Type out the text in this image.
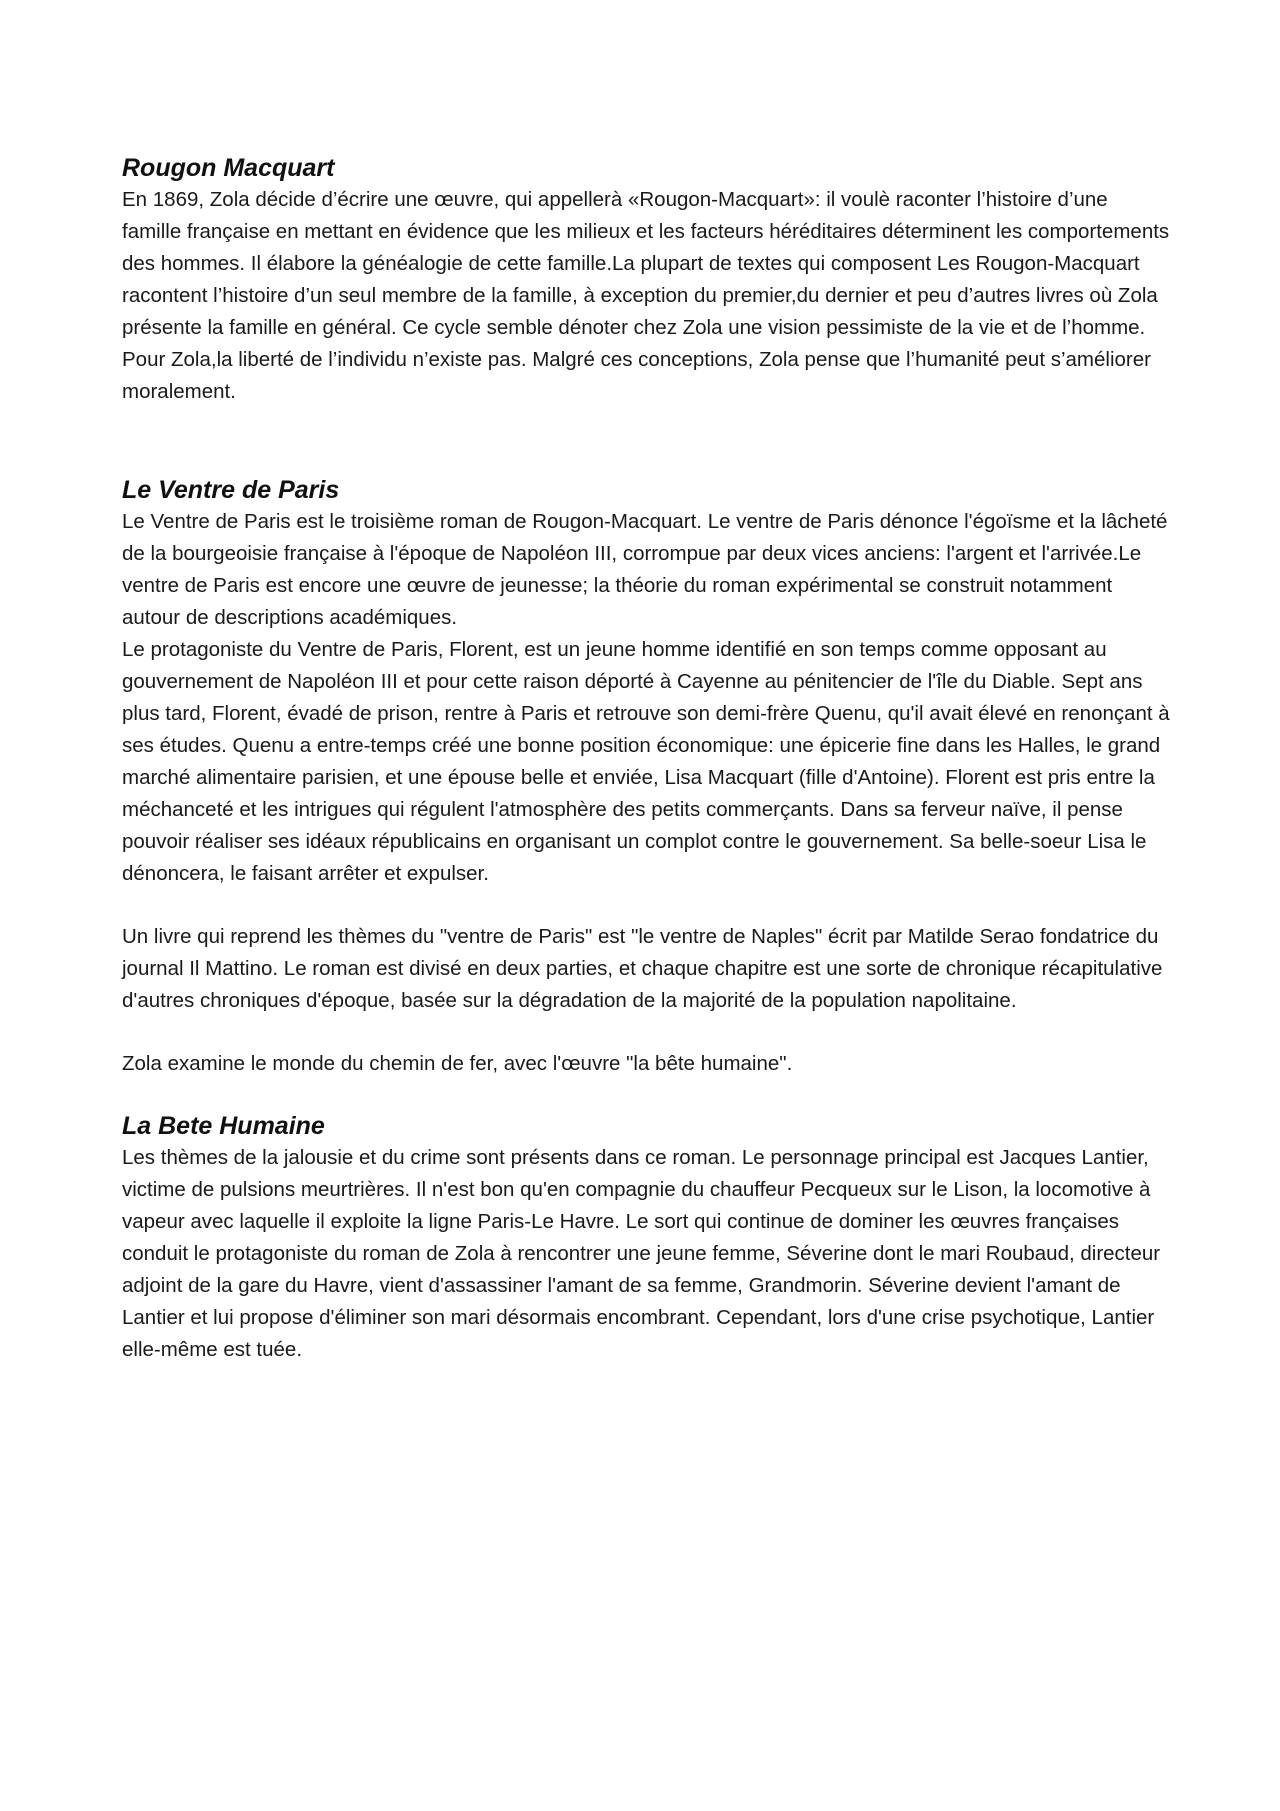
Rougon Macquart

En 1869, Zola décide d’écrire une œuvre, qui appellerà «Rougon-Macquart»: il voulè raconter l’histoire d’une famille française en mettant en évidence que les milieux et les facteurs héréditaires déterminent les comportements des hommes. Il élabore la généalogie de cette famille.La plupart de textes qui composent Les Rougon-Macquart racontent l’histoire d’un seul membre de la famille, à exception du premier,du dernier et peu d’autres livres où Zola présente la famille en général. Ce cycle semble dénoter chez Zola une vision pessimiste de la vie et de l’homme. Pour Zola,la liberté de l’individu n’existe pas. Malgré ces conceptions, Zola pense que l’humanité peut s’améliorer moralement.

Le Ventre de Paris

Le Ventre de Paris est le troisième roman de Rougon-Macquart. Le ventre de Paris dénonce l'égoïsme et la lâcheté de la bourgeoisie française à l'époque de Napoléon III, corrompue par deux vices anciens: l'argent et l'arrivée.Le ventre de Paris est encore une œuvre de jeunesse; la théorie du roman expérimental se construit notamment autour de descriptions académiques.

Le protagoniste du Ventre de Paris, Florent, est un jeune homme identifié en son temps comme opposant au gouvernement de Napoléon III et pour cette raison déporté à Cayenne au pénitencier de l'île du Diable. Sept ans plus tard, Florent, évadé de prison, rentre à Paris et retrouve son demi-frère Quenu, qu'il avait élevé en renonçant à ses études. Quenu a entre-temps créé une bonne position économique: une épicerie fine dans les Halles, le grand marché alimentaire parisien, et une épouse belle et enviée, Lisa Macquart (fille d'Antoine). Florent est pris entre la méchanceté et les intrigues qui régulent l'atmosphère des petits commerçants. Dans sa ferveur naïve, il pense pouvoir réaliser ses idéaux républicains en organisant un complot contre le gouvernement. Sa belle-soeur Lisa le dénoncera, le faisant arrêter et expulser.

Un livre qui reprend les thèmes du "ventre de Paris" est "le ventre de Naples" écrit par Matilde Serao fondatrice du journal Il Mattino. Le roman est divisé en deux parties, et chaque chapitre est une sorte de chronique récapitulative d'autres chroniques d'époque, basée sur la dégradation de la majorité de la population napolitaine.

Zola examine le monde du chemin de fer, avec l'œuvre "la bête humaine".

La Bete Humaine

Les thèmes de la jalousie et du crime sont présents dans ce roman. Le personnage principal est Jacques Lantier, victime de pulsions meurtrières. Il n'est bon qu'en compagnie du chauffeur Pecqueux sur le Lison, la locomotive à vapeur avec laquelle il exploite la ligne Paris-Le Havre. Le sort qui continue de dominer les œuvres françaises conduit le protagoniste du roman de Zola à rencontrer une jeune femme, Séverine dont le mari Roubaud, directeur adjoint de la gare du Havre, vient d'assassiner l'amant de sa femme, Grandmorin. Séverine devient l'amant de Lantier et lui propose d'éliminer son mari désormais encombrant. Cependant, lors d'une crise psychotique, Lantier elle-même est tuée.
